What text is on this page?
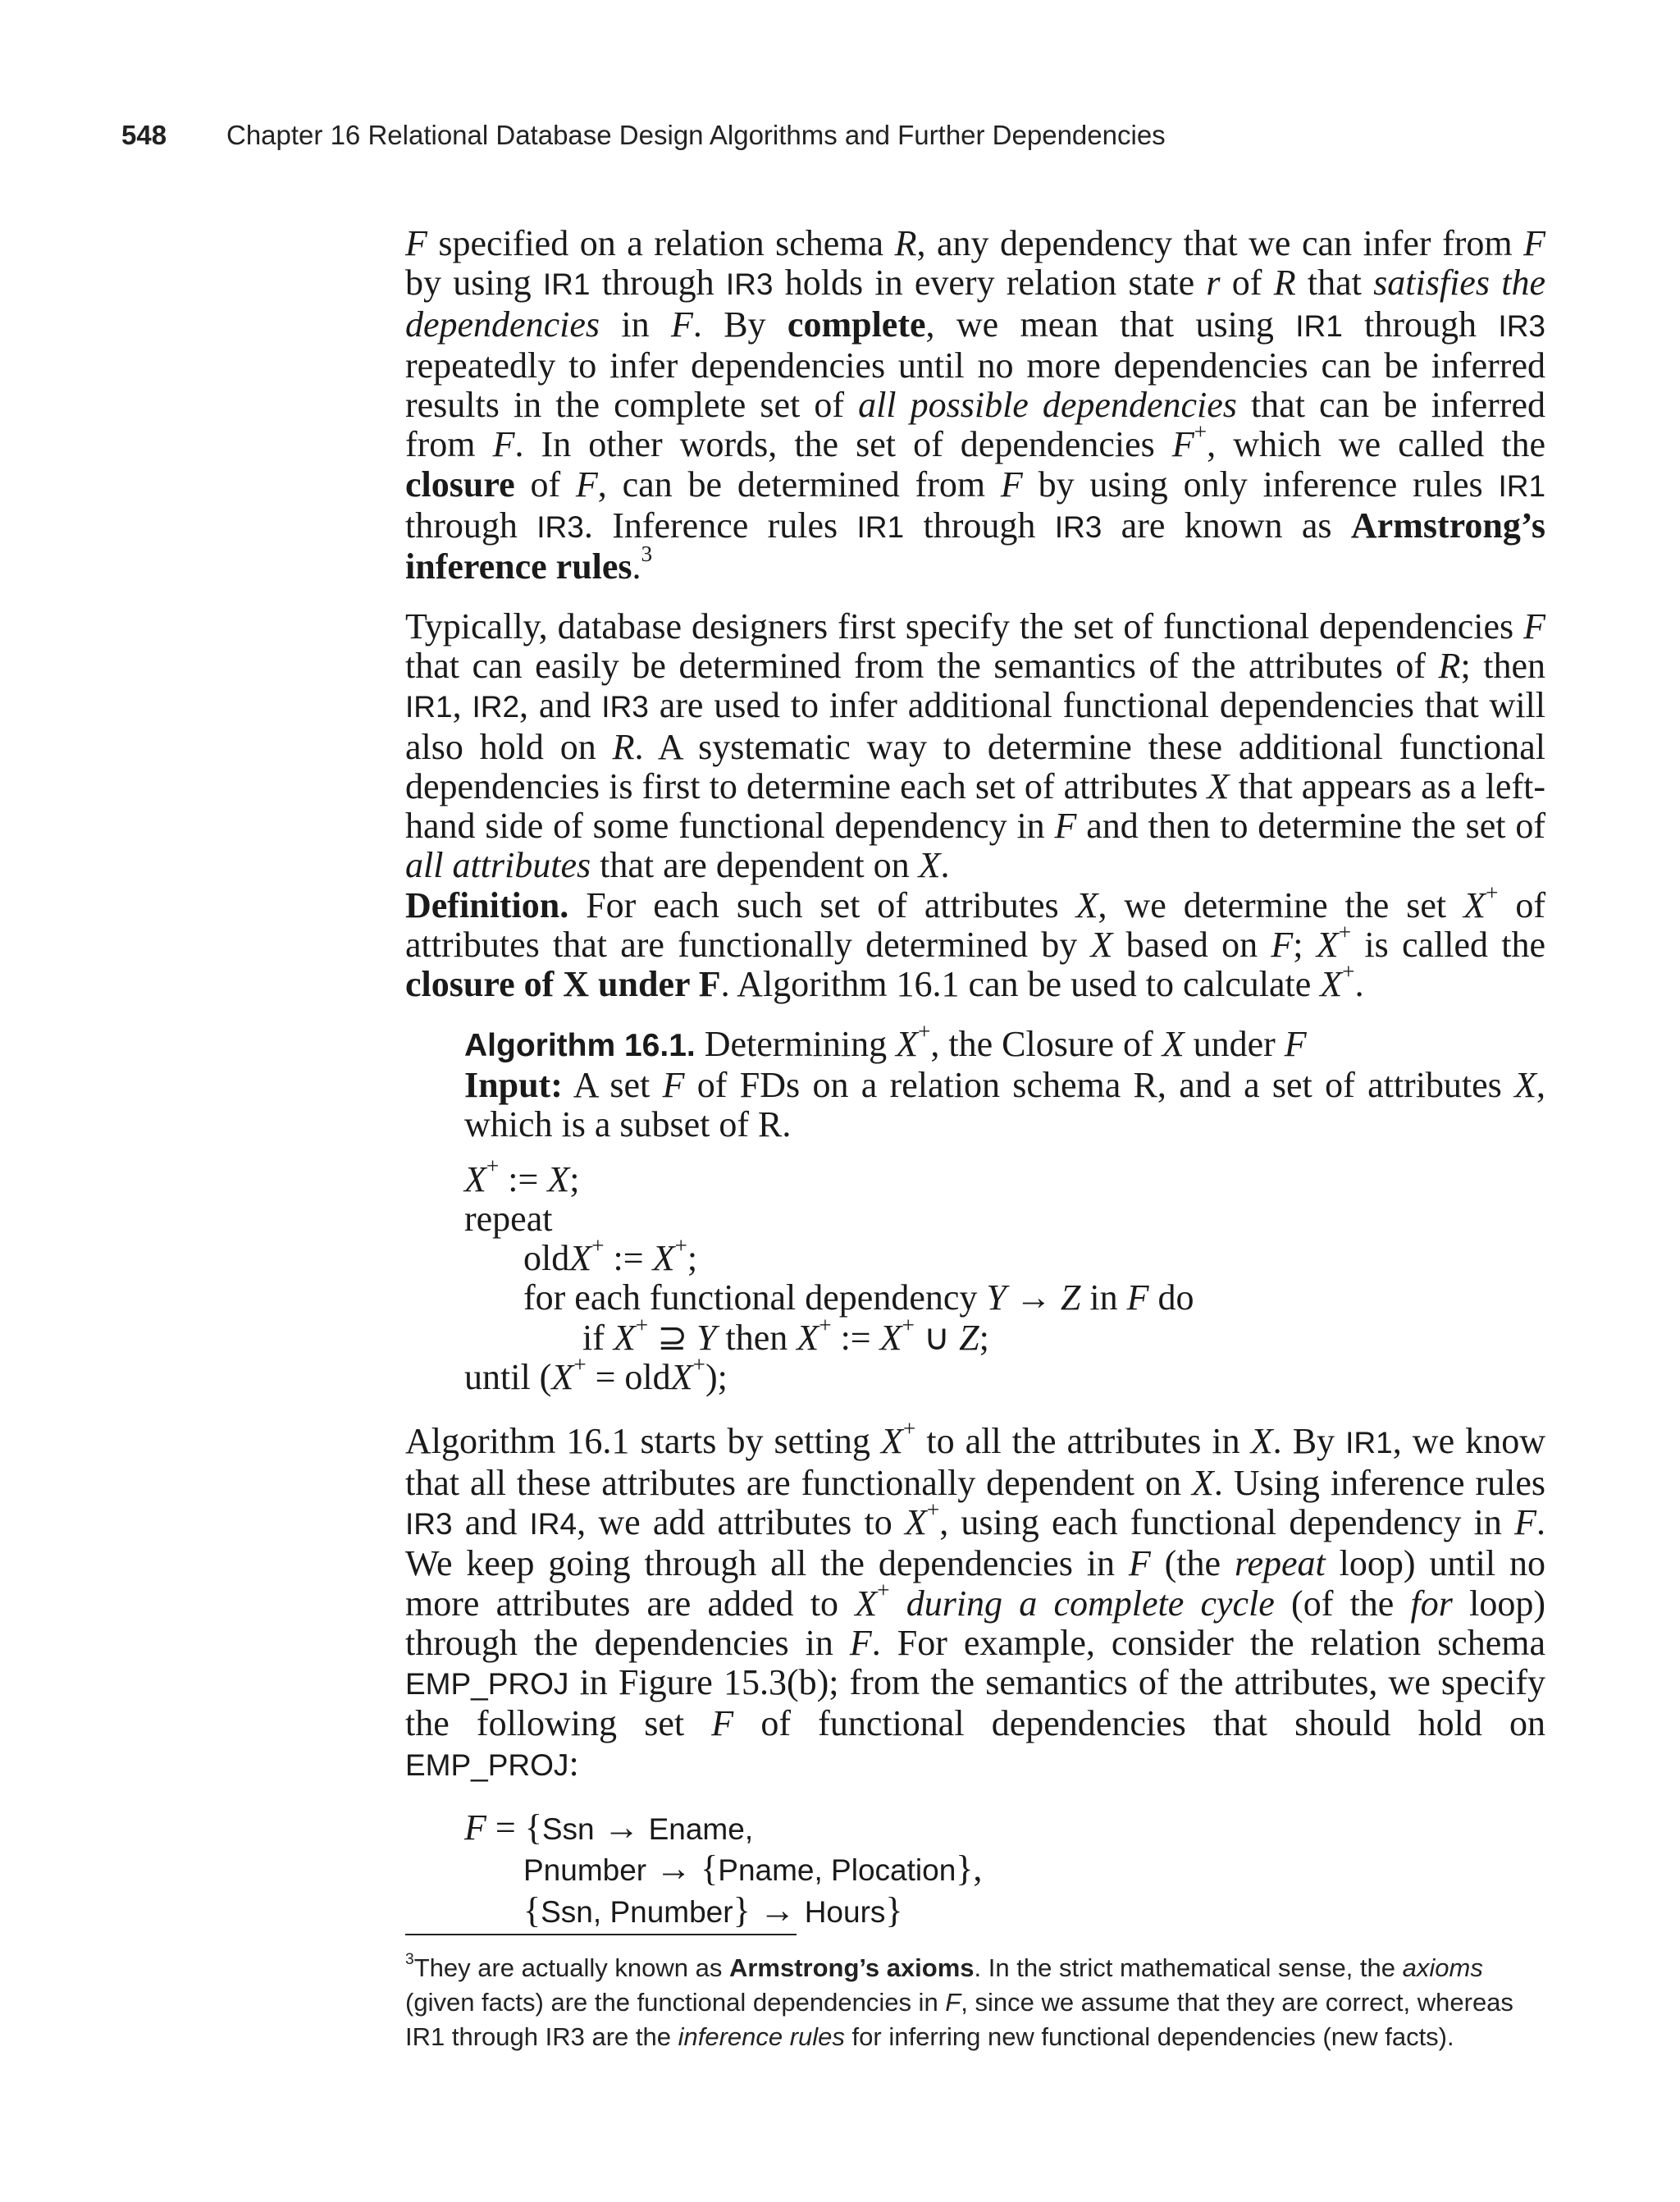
548 Chapter 16 Relational Database Design Algorithms and Further Dependencies

F specified on a relation schema R, any dependency that we can infer from F by using IR1 through IR3 holds in every relation state r of R that satisfies the dependencies in F. By complete, we mean that using IR1 through IR3 repeatedly to infer dependencies until no more dependencies can be inferred results in the complete set of all possible dependencies that can be inferred from F. In other words, the set of dependencies F+, which we called the closure of F, can be determined from F by using only inference rules IR1 through IR3. Inference rules IR1 through IR3 are known as Armstrong’s inference rules.$^3$

Typically, database designers first specify the set of functional dependencies F that can easily be determined from the semantics of the attributes of R; then IR1, IR2, and IR3 are used to infer additional functional dependencies that will also hold on R. A systematic way to determine these additional functional dependencies is first to determine each set of attributes X that appears as a left-hand side of some functional dependency in F and then to determine the set of all attributes that are dependent on X.

Definition. For each such set of attributes X, we determine the set X+ of attributes that are functionally determined by X based on F; X+ is called the closure of X under F. Algorithm 16.1 can be used to calculate X+.

Algorithm 16.1. Determining X+, the Closure of X under F

Input: A set F of FDs on a relation schema R, and a set of attributes X, which is a subset of R.

X+ := X;
repeat
oldX+ := X+;
for each functional dependency Y → Z in F do
if X+ ⊇ Y then X+ := X+ ∪ Z;
until (X+ = oldX+);

Algorithm 16.1 starts by setting X+ to all the attributes in X. By IR1, we know that all these attributes are functionally dependent on X. Using inference rules IR3 and IR4, we add attributes to X+, using each functional dependency in F. We keep going through all the dependencies in F (the repeat loop) until no more attributes are added to X+ during a complete cycle (of the for loop) through the dependencies in F. For example, consider the relation schema EMP_PROJ in Figure 15.3(b); from the semantics of the attributes, we specify the following set F of functional dependencies that should hold on EMP_PROJ:

F = {Ssn → Ename,
Pnumber → {Pname, Plocation},
{Ssn, Pnumber} → Hours}

$^3$They are actually known as Armstrong’s axioms. In the strict mathematical sense, the axioms (given facts) are the functional dependencies in F, since we assume that they are correct, whereas IR1 through IR3 are the inference rules for inferring new functional dependencies (new facts).
